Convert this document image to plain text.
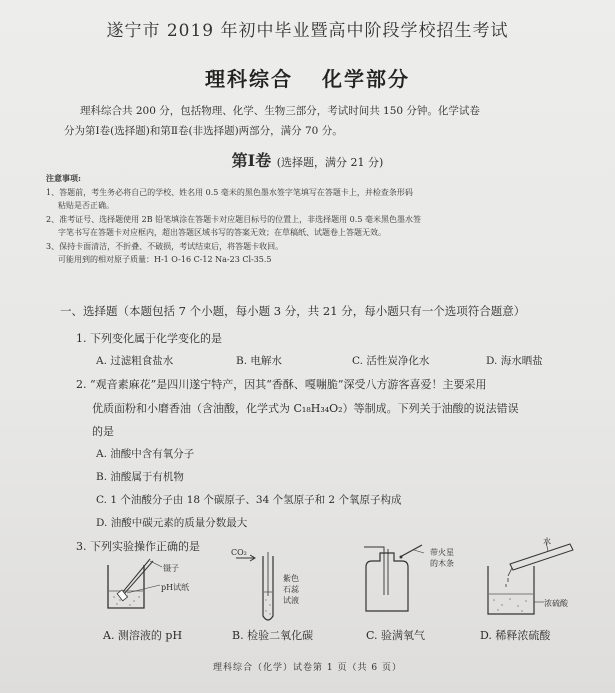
遂宁市 2019 年初中毕业暨高中阶段学校招生考试
理科综合 化学部分
理科综合共 200 分，包括物理、化学、生物三部分，考试时间共 150 分钟。化学试卷
分为第Ⅰ卷(选择题)和第Ⅱ卷(非选择题)两部分，满分 70 分。
第Ⅰ卷 (选择题，满分 21 分)
注意事项:
1、答题前，考生务必将自己的学校、姓名用 0.5 毫米的黑色墨水签字笔填写在答题卡上，并检查条形码
粘贴是否正确。
2、准考证号、选择题使用 2B 铅笔填涂在答题卡对应题目标号的位置上，非选择题用 0.5 毫米黑色墨水签
字笔书写在答题卡对应框内，超出答题区域书写的答案无效；在草稿纸、试题卷上答题无效。
3、保持卡面清洁，不折叠、不破损，考试结束后，将答题卡收回。
可能用到的相对原子质量：H-1 O-16 C-12 Na-23 Cl-35.5
一、选择题（本题包括 7 个小题，每小题 3 分，共 21 分，每小题只有一个选项符合题意）
1. 下列变化属于化学变化的是
A. 过滤粗食盐水	B. 电解水	C. 活性炭净化水	D. 海水晒盐
2. “观音素麻花”是四川遂宁特产，因其“香酥、嘎嘣脆”深受八方游客喜爱！主要采用
优质面粉和小磨香油（含油酸，化学式为 C₁₈H₃₄O₂）等制成。下列关于油酸的说法错误
的是
A. 油酸中含有氧分子
B. 油酸属于有机物
C. 1 个油酸分子由 18 个碳原子、34 个氢原子和 2 个氧原子构成
D. 油酸中碳元素的质量分数最大
3. 下列实验操作正确的是
镊子
pH试纸
CO₂
紫色
石蕊
试液
带火星
的木条
水
浓硫酸
A. 测溶液的 pH	B. 检验二氧化碳	C. 验满氧气	D. 稀释浓硫酸
理科综合（化学）试卷第 1 页（共 6 页）
